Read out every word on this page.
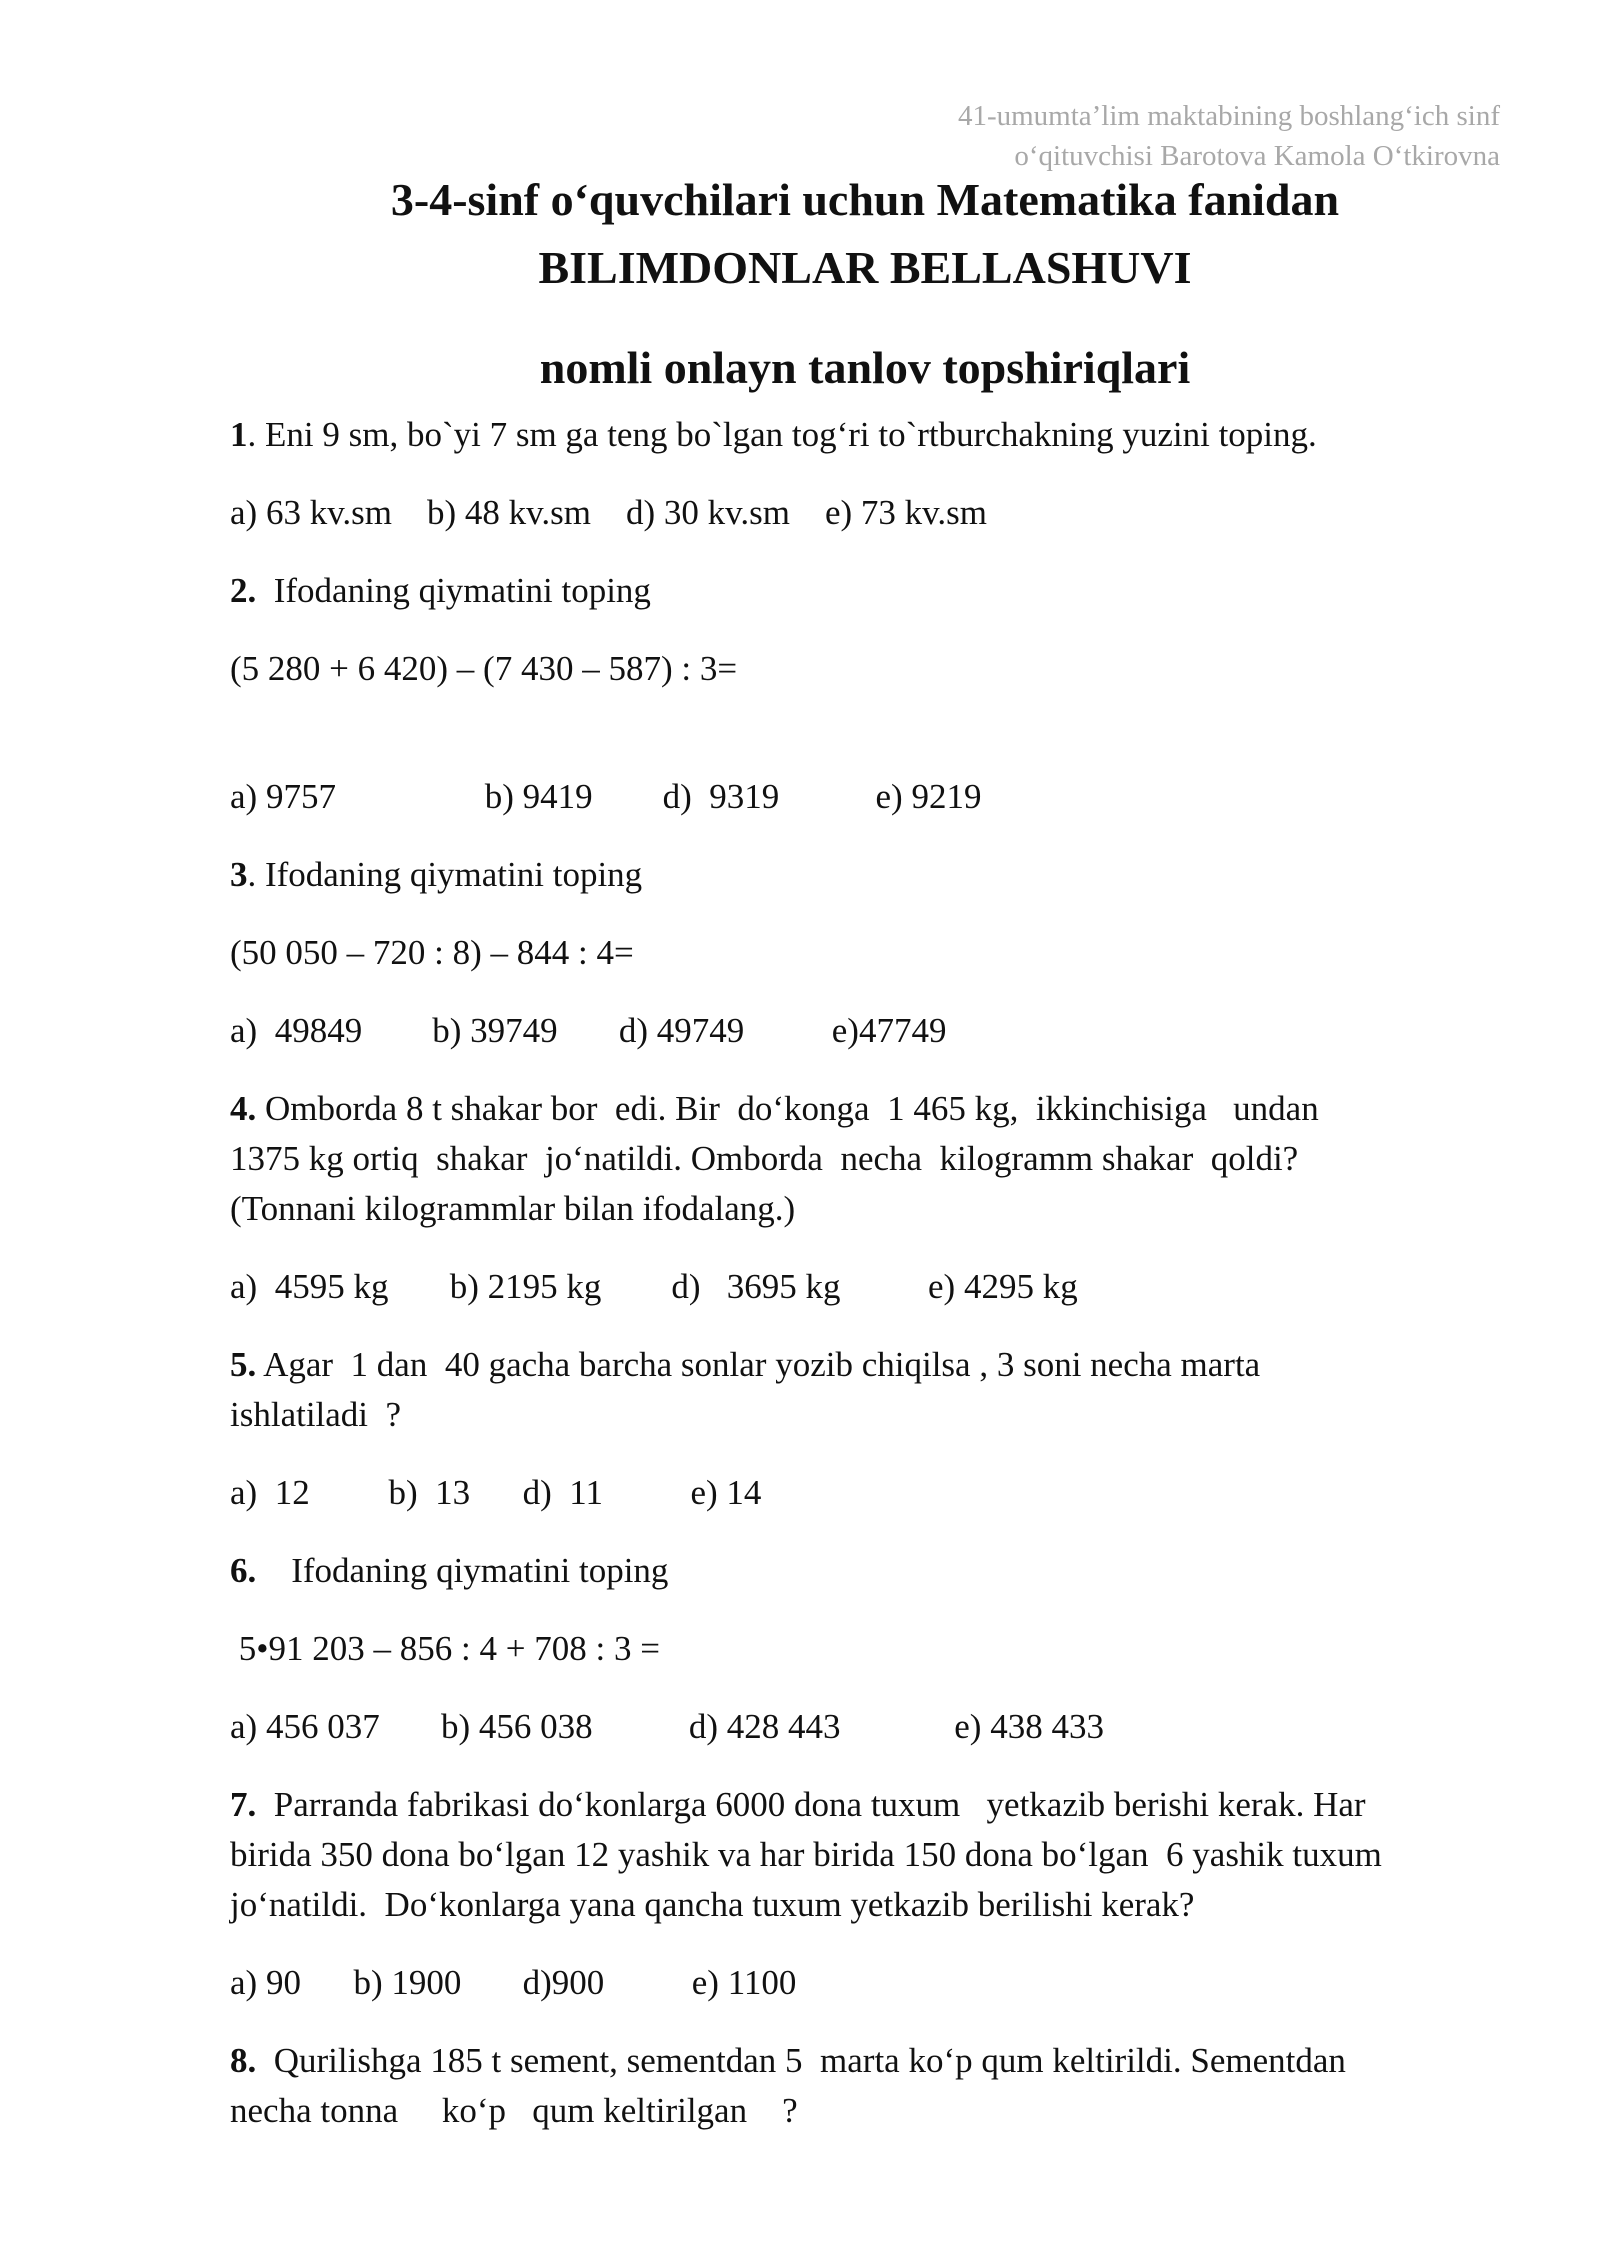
41-umumta’lim maktabining boshlang‘ich sinf
o‘qituvchisi Barotova Kamola O‘tkirovna
3-4-sinf o‘quvchilari uchun Matematika fanidan
BILIMDONLAR BELLASHUVI
nomli onlayn tanlov topshiriqlari

1. Eni 9 sm, bo`yi 7 sm ga teng bo`lgan tog‘ri to`rtburchakning yuzini toping.

a) 63 kv.sm    b) 48 kv.sm    d) 30 kv.sm    e) 73 kv.sm

2.  Ifodaning qiymatini toping

(5 280 + 6 420) – (7 430 – 587) : 3=

a) 9757                 b) 9419        d)  9319           e) 9219

3. Ifodaning qiymatini toping

(50 050 – 720 : 8) – 844 : 4=

a)  49849        b) 39749       d) 49749          e)47749

4. Omborda 8 t shakar bor  edi. Bir  do‘konga  1 465 kg,  ikkinchisiga   undan
1375 kg ortiq  shakar  jo‘natildi. Omborda  necha  kilogramm shakar  qoldi?
(Tonnani kilogrammlar bilan ifodalang.)

a)  4595 kg       b) 2195 kg        d)   3695 kg          e) 4295 kg

5. Agar  1 dan  40 gacha barcha sonlar yozib chiqilsa , 3 soni necha marta
ishlatiladi  ?

a)  12         b)  13      d)  11          e) 14

6.    Ifodaning qiymatini toping

5•91 203 – 856 : 4 + 708 : 3 =

a) 456 037       b) 456 038           d) 428 443             e) 438 433

7.  Parranda fabrikasi do‘konlarga 6000 dona tuxum   yetkazib berishi kerak. Har
birida 350 dona bo‘lgan 12 yashik va har birida 150 dona bo‘lgan  6 yashik tuxum
jo‘natildi.  Do‘konlarga yana qancha tuxum yetkazib berilishi kerak?

a) 90      b) 1900       d)900          e) 1100

8.  Qurilishga 185 t sement, sementdan 5  marta ko‘p qum keltirildi. Sementdan
necha tonna     ko‘p   qum keltirilgan    ?
